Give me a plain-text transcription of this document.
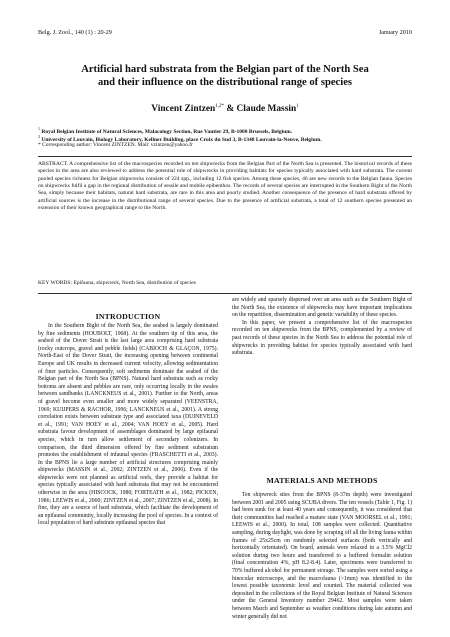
Belg. J. Zool., 140 (1) : 20-29	January 2010
Artificial hard substrata from the Belgian part of the North Sea
and their influence on the distributional range of species
Vincent Zintzen$^{1,2*}$ & Claude Massin$^1$
$^1$ Royal Belgian Institute of Natural Sciences, Malacology Section, Rue Vautier 29, B-1000 Brussels, Belgium.
$^2$ University of Louvain, Biology Laboratory, Kellner Building, place Croix du Sud 3, B-1348 Louvain-la-Neuve, Belgium.
* Corresponding author: Vincent ZINTZEN. Mail: vzintzen@yahoo.fr
ABSTRACT. A comprehensive list of the macrospecies recorded on ten shipwrecks from the Belgian Part of the North Sea is presented. The historical records of these species in the area are also reviewed to address the potential role of shipwrecks in providing habitats for species typically associated with hard substrata. The current pooled species richness for Belgian shipwrecks consists of 224 spp., including 12 fish species. Among these species, 46 are new records to the Belgian fauna. Species on shipwrecks fulfil a gap in the regional distribution of sessile and mobile epibenthos. The records of several species are interrupted in the Southern Bight of the North Sea, simply because their habitats, natural hard substrata, are rare in this area and poorly studied. Another consequence of the presence of hard substrata offered by artificial sources is the increase in the distributional range of several species. Due to the presence of artificial substrata, a total of 12 southern species presented an extension of their known geographical range to the North.
KEY WORDS: Epifauna, shipwreck, North Sea, distribution of species
INTRODUCTION

In the Southern Bight of the North Sea, the seabed is largely dominated by fine sediments (HOUBOLT, 1968). At the southern tip of this area, the seabed of the Dover Strait is the last large area comprising hard substrata (rocky outcrops, gravel and pebble fields) (CABIOCH & GLAÇON, 1975). North-East of the Dover Strait, the increasing opening between continental Europe and UK results in decreased current velocity, allowing sedimentation of finer particles. Consequently, soft sediments dominate the seabed of the Belgian part of the North Sea (BPNS). Natural hard substrata such as rocky bottoms are absent and pebbles are rare, only occurring locally in the swales between sandbanks (LANCKNEUS et al., 2001). Further to the North, areas of gravel become even smaller and more widely separated (VEENSTRA, 1969; KUIJPERS & RACHOR, 1996; LANCKNEUS et al., 2001). A strong correlation exists between substrate type and associated taxa (DUINEVELD et al., 1991; VAN HOEY et al., 2004; VAN HOEY et al., 2005). Hard substrata favour development of assemblages dominated by large epifaunal species, which in turn allow settlement of secondary colonizers. In comparison, the third dimension offered by fine sediment substratum promotes the establishment of infaunal species (FRASCHETTI et al., 2003). In the BPNS lie a large number of artificial structures comprising mainly shipwrecks (MASSIN et al., 2002; ZINTZEN et al., 2006). Even if the shipwrecks were not planned as artificial reefs, they provide a habitat for species typically associated with hard substrata that may not be encountered otherwise in the area (HISCOCK, 1980; FORTEATH et al., 1982; PICKEN, 1986; LEEWIS et al., 2000; ZINTZEN et al., 2007; ZINTZEN et al., 2008). In fine, they are a source of hard substrata, which facilitate the development of an epifaunal community, locally increasing the pool of species. In a context of local population of hard substrate epifaunal species that

are widely and sparsely dispersed over an area such as the Southern Bight of the North Sea, the existence of shipwrecks may have important implications on the repartition, dissemination and genetic variability of these species.

In this paper, we present a comprehensive list of the macrospecies recorded on ten shipwrecks from the BPNS, complemented by a review of past records of these species in the North Sea to address the potential role of shipwrecks in providing habitat for species typically associated with hard substrata.

MATERIALS AND METHODS

Ten shipwreck sites from the BPNS (8-37m depth) were investigated between 2001 and 2005 using SCUBA divers. The ten vessels (Table 1, Fig. 1) had been sunk for at least 40 years and consequently, it was considered that their communities had reached a mature state (VAN MOORSEL et al., 1991; LEEWIS et al., 2000). In total, 108 samples were collected. Quantitative sampling, during daylight, was done by scraping off all the living fauna within frames of 25x25cm on randomly selected surfaces (both vertically and horizontally orientated). On board, animals were relaxed in a 3.5% MgCl2 solution during two hours and transferred to a buffered formalin solution (final concentration 4%, pH 8.2-8.4). Later, specimens were transferred to 70% buffered alcohol for permanent storage. The samples were sorted using a binocular microscope, and the macrofauna (>1mm) was identified to the lowest possible taxonomic level and counted. The material collected was deposited in the collections of the Royal Belgian Institute of Natural Sciences under the General Inventory number 29462. Most samples were taken between March and September as weather conditions during late autumn and winter generally did not
